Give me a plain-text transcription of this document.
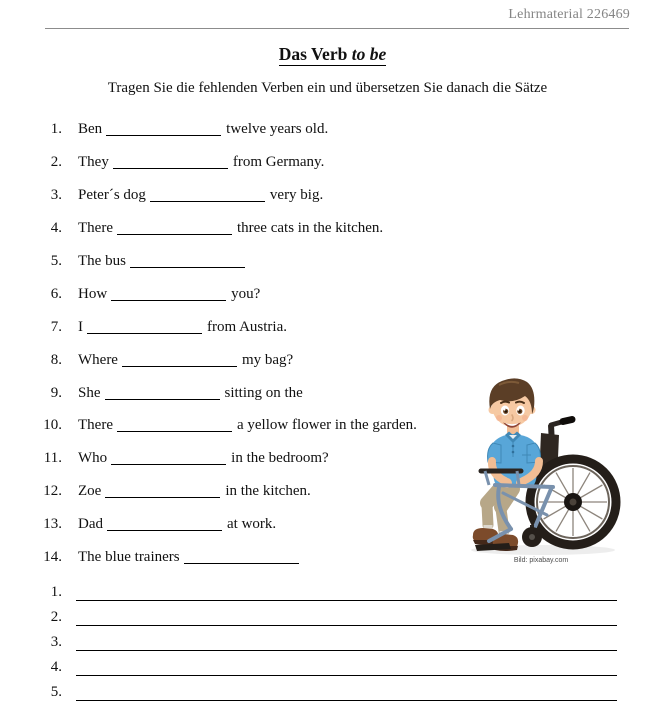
Lehrmaterial 226469
Das Verb to be
Tragen Sie die fehlenden Verben ein und übersetzen Sie danach die Sätze
1. Ben	twelve years old.
2. They	from Germany.
3. Peter´s dog	very big.
4. There	three cats in the kitchen.
5. The bus
6. How	you?
7. I	from Austria.
8. Where	my bag?
9. She	sitting on the
10. There	a yellow flower in the garden.
11. Who	in the bedroom?
12. Zoe	in the kitchen.
13. Dad	at work.
14. The blue trainers	Bild: pixabay.com
1.
2.
3.
4.
5.
